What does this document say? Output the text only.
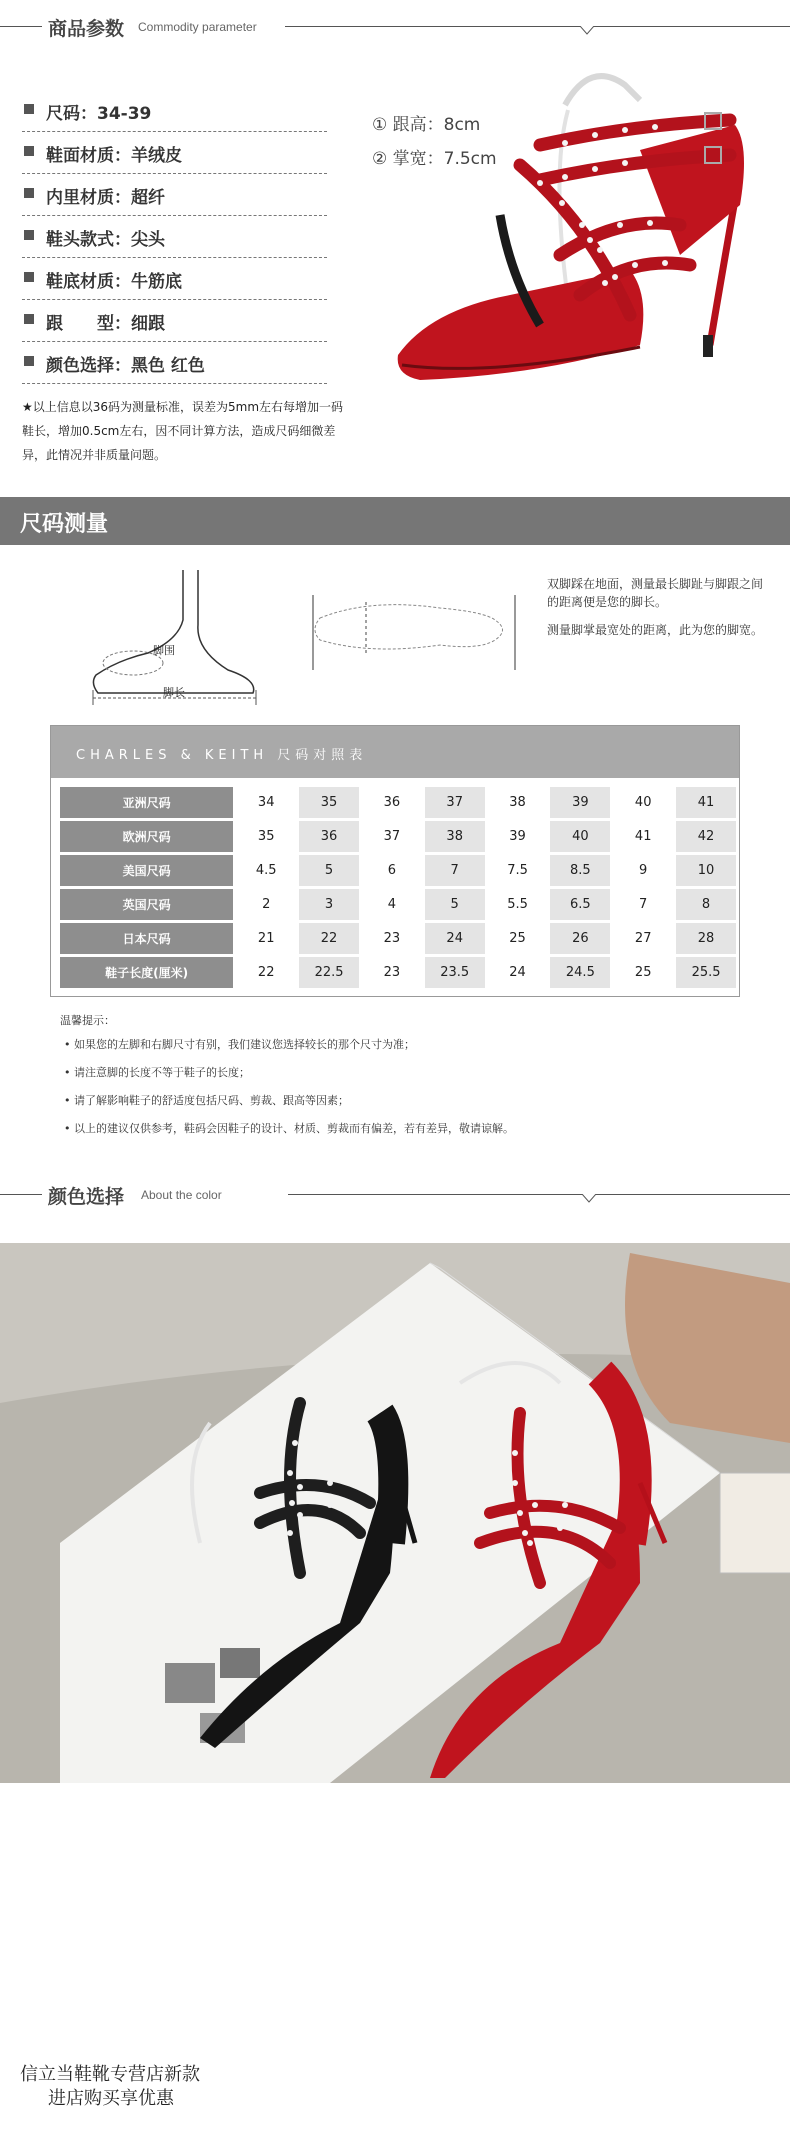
商品参数 Commodity parameter
尺码：34-39
鞋面材质：羊绒皮
内里材质：超纤
鞋头款式：尖头
鞋底材质：牛筋底
跟　　型：细跟
颜色选择：黑色 红色
★以上信息以36码为测量标准，误差为5mm左右每增加一码鞋长，增加0.5cm左右，因不同计算方法，造成尺码细微差异，此情况并非质量问题。
① 跟高：8cm
② 掌宽：7.5cm
尺码测量
脚围
脚长

双脚踩在地面，测量最长脚趾与脚跟之间的距离便是您的脚长。

测量脚掌最宽处的距离，此为您的脚宽。

CHARLES & KEITH 尺码对照表
亚洲尺码	34	35	36	37	38	39	40	41
欧洲尺码	35	36	37	38	39	40	41	42
美国尺码	4.5	5	6	7	7.5	8.5	9	10
英国尺码	2	3	4	5	5.5	6.5	7	8
日本尺码	21	22	23	24	25	26	27	28
鞋子长度(厘米)	22	22.5	23	23.5	24	24.5	25	25.5
温馨提示：
• 如果您的左脚和右脚尺寸有别，我们建议您选择较长的那个尺寸为准；
• 请注意脚的长度不等于鞋子的长度；
• 请了解影响鞋子的舒适度包括尺码、剪裁、跟高等因素；
• 以上的建议仅供参考，鞋码会因鞋子的设计、材质、剪裁而有偏差，若有差异，敬请谅解。
颜色选择 About the color
信立当鞋靴专营店新款
进店购买享优惠
